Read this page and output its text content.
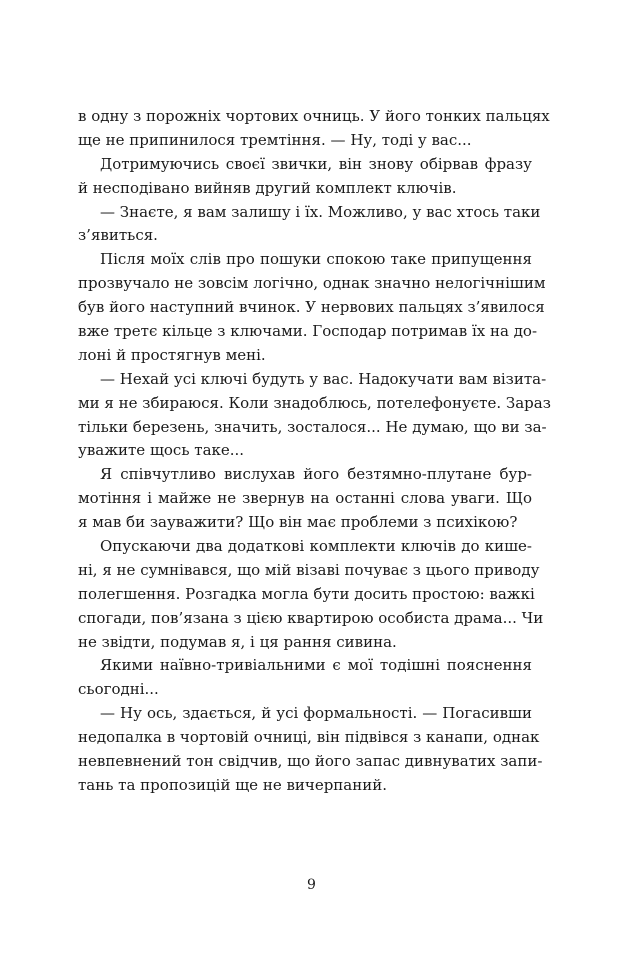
в одну з порожніх чортових очниць. У його тонких пальцях
ще не припинилося тремтіння. — Ну, тоді у вас...
Дотримуючись своєї звички, він знову обірвав фразу
й несподівано вийняв другий комплект ключів.
— Знаєте, я вам залишу і їх. Можливо, у вас хтось таки
з’явиться.
Після моїх слів про пошуки спокою таке припущення
прозвучало не зовсім логічно, однак значно нелогічнішим
був його наступний вчинок. У нервових пальцях з’явилося
вже третє кільце з ключами. Господар потримав їх на до-
лоні й простягнув мені.
— Нехай усі ключі будуть у вас. Надокучати вам візита-
ми я не збираюся. Коли знадоблюсь, потелефонуєте. Зараз
тільки березень, значить, зосталося... Не думаю, що ви за-
уважите щось таке...
Я співчутливо вислухав його безтямно-плутане бур-
мотіння і майже не звернув на останні слова уваги. Що
я мав би зауважити? Що він має проблеми з психікою?
Опускаючи два додаткові комплекти ключів до кише-
ні, я не сумнівався, що мій візаві почуває з цього приводу
полегшення. Розгадка могла бути досить простою: важкі
спогади, пов’язана з цією квартирою особиста драма... Чи
не звідти, подумав я, і ця рання сивина.
Якими наївно-тривіальними є мої тодішні пояснення
сьогодні...
— Ну ось, здається, й усі формальності. — Погасивши
недопалка в чортовій очниці, він підвівся з канапи, однак
невпевнений тон свідчив, що його запас дивнуватих запи-
тань та пропозицій ще не вичерпаний.
9
